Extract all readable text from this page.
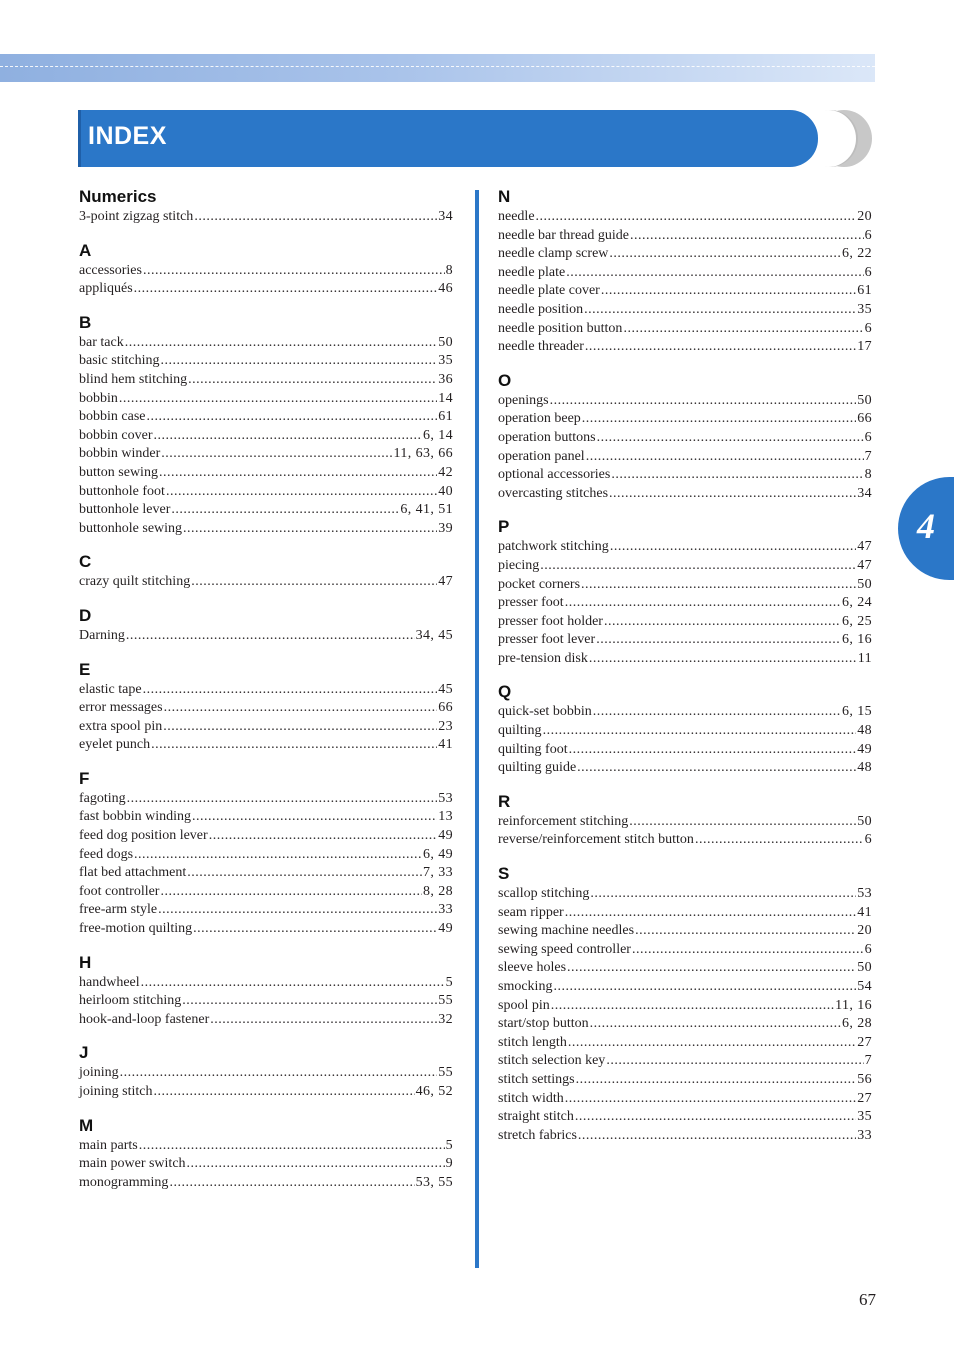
INDEX
4
Numerics
3-point zigzag stitch .....	34
A
accessories .....	8
appliqués .....	46
B
bar tack .....	50
basic stitching .....	35
blind hem stitching .....	36
bobbin .....	14
bobbin case .....	61
bobbin cover .....	6, 14
bobbin winder .....	11, 63, 66
button sewing .....	42
buttonhole foot .....	40
buttonhole lever .....	6, 41, 51
buttonhole sewing .....	39
C
crazy quilt stitching .....	47
D
Darning .....	34, 45
E
elastic tape .....	45
error messages .....	66
extra spool pin .....	23
eyelet punch .....	41
F
fagoting .....	53
fast bobbin winding .....	13
feed dog position lever .....	49
feed dogs .....	6, 49
flat bed attachment .....	7, 33
foot controller .....	8, 28
free-arm style .....	33
free-motion quilting .....	49
H
handwheel .....	5
heirloom stitching .....	55
hook-and-loop fastener .....	32
J
joining .....	55
joining stitch .....	46, 52
M
main parts .....	5
main power switch .....	9
monogramming .....	53, 55
N
needle .....	20
needle bar thread guide .....	6
needle clamp screw .....	6, 22
needle plate .....	6
needle plate cover .....	61
needle position .....	35
needle position button .....	6
needle threader .....	17
O
openings .....	50
operation beep .....	66
operation buttons .....	6
operation panel .....	7
optional accessories .....	8
overcasting stitches .....	34
P
patchwork stitching .....	47
piecing .....	47
pocket corners .....	50
presser foot .....	6, 24
presser foot holder .....	6, 25
presser foot lever .....	6, 16
pre-tension disk .....	11
Q
quick-set bobbin .....	6, 15
quilting .....	48
quilting foot .....	49
quilting guide .....	48
R
reinforcement stitching .....	50
reverse/reinforcement stitch button .....	6
S
scallop stitching .....	53
seam ripper .....	41
sewing machine needles .....	20
sewing speed controller .....	6
sleeve holes .....	50
smocking .....	54
spool pin .....	11, 16
start/stop button .....	6, 28
stitch length .....	27
stitch selection key .....	7
stitch settings .....	56
stitch width .....	27
straight stitch .....	35
stretch fabrics .....	33
67
